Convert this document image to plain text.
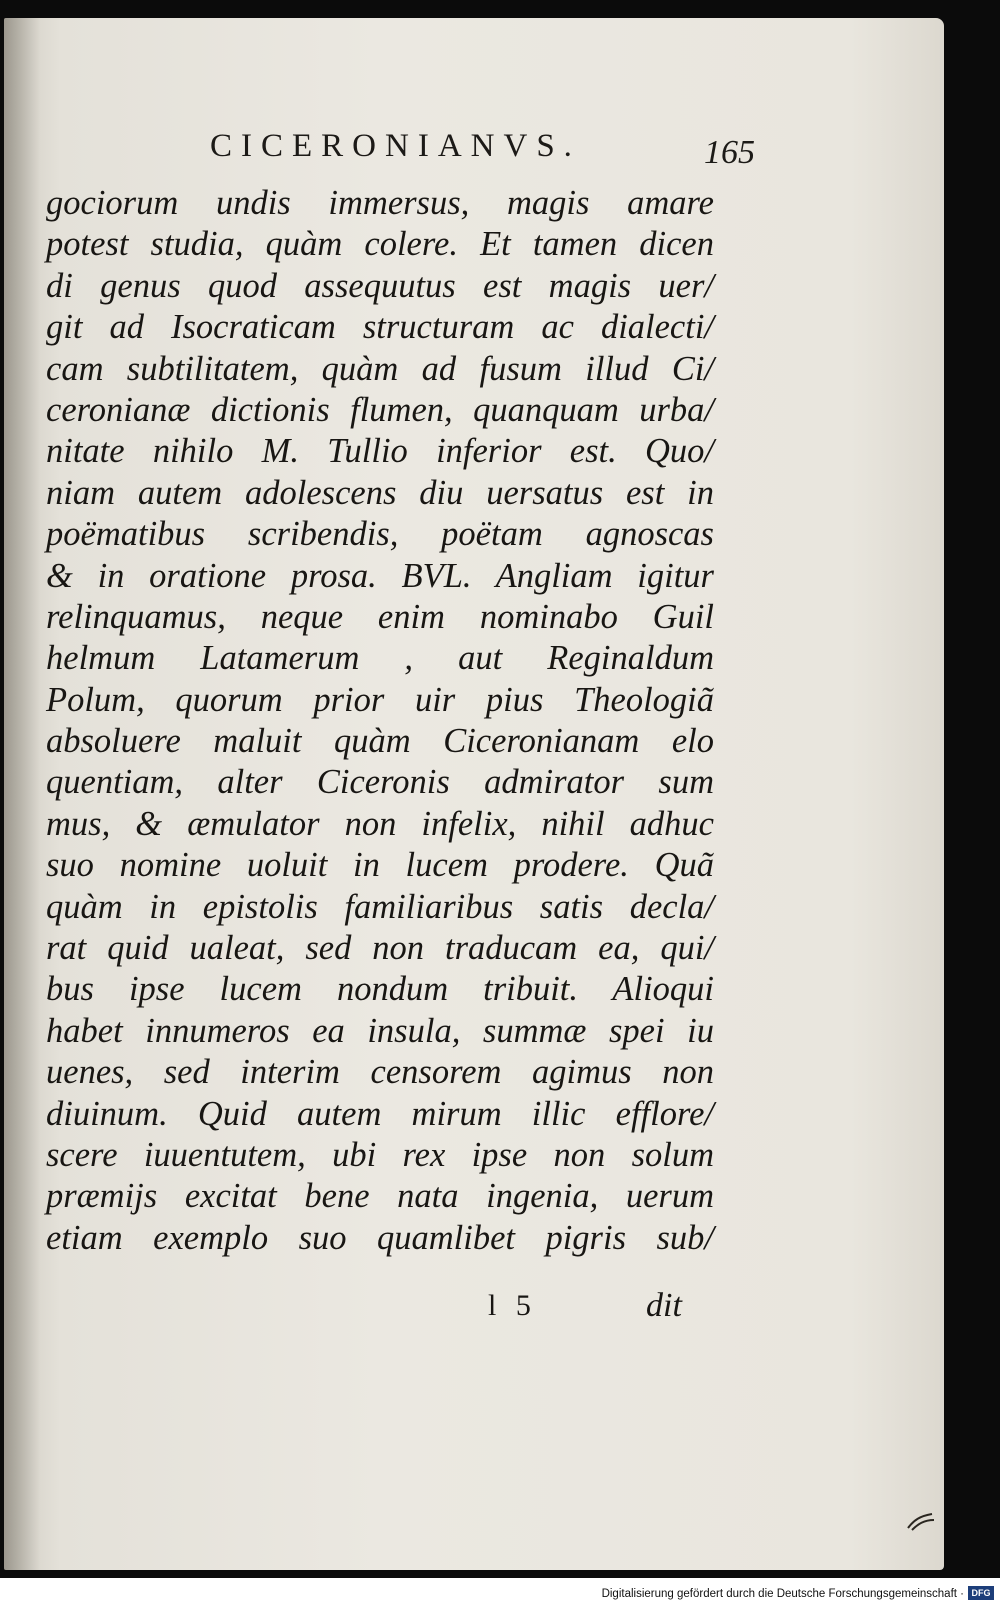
CICERONIANVS.	165
gociorum undis immersus, magis amare
potest studia, quàm colere. Et tamen dicen
di genus quod assequutus est magis uer/
git ad Isocraticam structuram ac dialecti/
cam subtilitatem, quàm ad fusum illud Ci/
ceronianæ dictionis flumen, quanquam urba/
nitate nihilo M. Tullio inferior est. Quo/
niam autem adolescens diu uersatus est in
poëmatibus scribendis, poëtam agnoscas
& in oratione prosa. BVL. Angliam igitur
relinquamus, neque enim nominabo Guil
helmum Latamerum , aut Reginaldum
Polum, quorum prior uir pius Theologiã
absoluere maluit quàm Ciceronianam elo
quentiam, alter Ciceronis admirator sum
mus, & æmulator non infelix, nihil adhuc
suo nomine uoluit in lucem prodere. Quã
quàm in epistolis familiaribus satis decla/
rat quid ualeat, sed non traducam ea, qui/
bus ipse lucem nondum tribuit. Alioqui
habet innumeros ea insula, summæ spei iu
uenes, sed interim censorem agimus non
diuinum. Quid autem mirum illic efflore/
scere iuuentutem, ubi rex ipse non solum
præmijs excitat bene nata ingenia, uerum
etiam exemplo suo quamlibet pigris sub/
l 5	dit
Digitalisierung gefördert durch die Deutsche Forschungsgemeinschaft · DFG
